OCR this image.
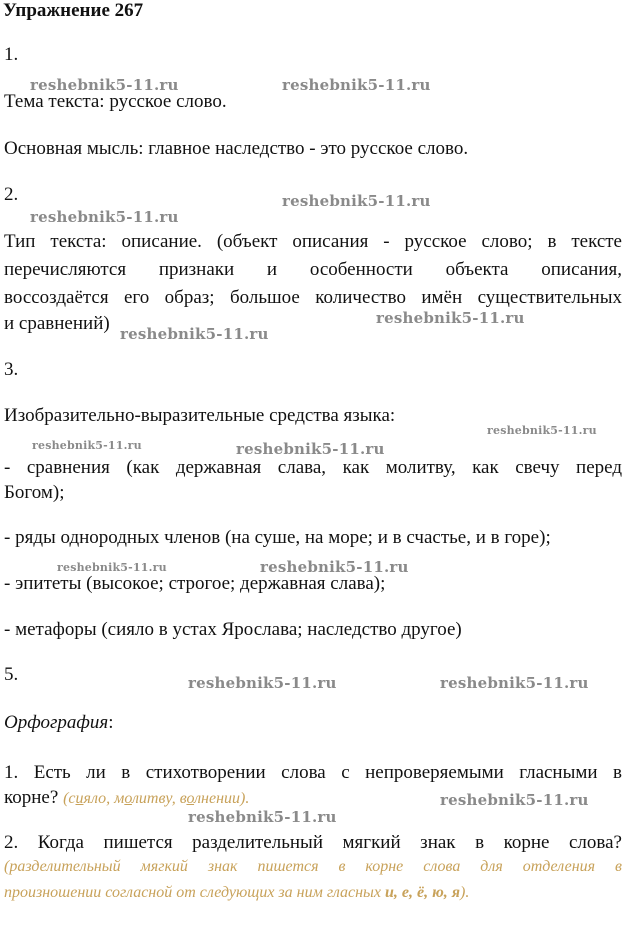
Упражнение 267
1.
reshebnik5-11.ru	reshebnik5-11.ru
Тема текста: русское слово.
Основная мысль: главное наследство - это русское слово.
2.	reshebnik5-11.ru
reshebnik5-11.ru
Тип текста: описание. (объект описания - русское слово; в тексте
перечисляются признаки и особенности объекта описания,
воссоздаётся его образ; большое количество имён существительных
и сравнений)	reshebnik5-11.ru
reshebnik5-11.ru
3.
Изобразительно-выразительные средства языка:
reshebnik5-11.ru
reshebnik5-11.ru	reshebnik5-11.ru
- сравнения (как державная слава, как молитву, как свечу перед
Богом);
- ряды однородных членов (на суше, на море; и в счастье, и в горе);
reshebnik5-11.ru	reshebnik5-11.ru
- эпитеты (высокое; строгое; державная слава);
- метафоры (сияло в устах Ярослава; наследство другое)
5.	reshebnik5-11.ru	reshebnik5-11.ru
Орфография:
1. Есть ли в стихотворении слова с непроверяемыми гласными в
корне? (сияло, молитву, волнении).	reshebnik5-11.ru
reshebnik5-11.ru
2. Когда пишется разделительный мягкий знак в корне слова?
(разделительный мягкий знак пишется в корне слова для отделения в
произношении согласной от следующих за ним гласных и, е, ё, ю, я).
